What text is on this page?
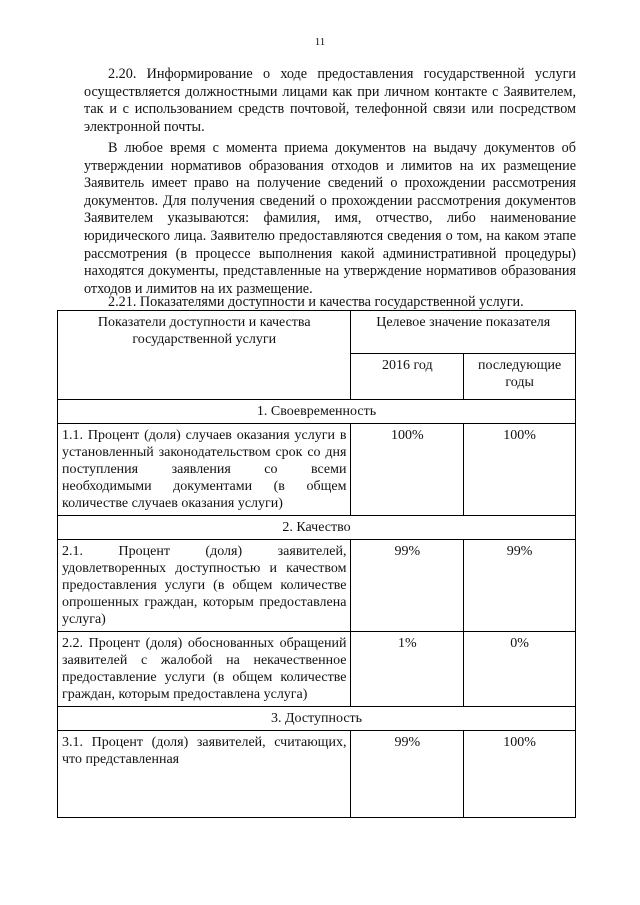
11
2.20. Информирование о ходе предоставления государственной услуги осуществляется должностными лицами как при личном контакте с Заявителем, так и с использованием средств почтовой, телефонной связи или посредством электронной почты.
В любое время с момента приема документов на выдачу документов об утверждении нормативов образования отходов и лимитов на их размещение Заявитель имеет право на получение сведений о прохождении рассмотрения документов. Для получения сведений о прохождении рассмотрения документов Заявителем указываются: фамилия, имя, отчество, либо наименование юридического лица. Заявителю предоставляются сведения о том, на каком этапе рассмотрения (в процессе выполнения какой административной процедуры) находятся документы, представленные на утверждение нормативов образования отходов и лимитов на их размещение.
2.21. Показателями доступности и качества государственной услуги.
Показатели доступности и качества государственной услуги	Целевое значение показателя	
	2016 год	последующие годы
1. Своевременность		
1.1. Процент (доля) случаев оказания услуги в установленный законодательством срок со дня поступления заявления со всеми необходимыми документами (в общем количестве случаев оказания услуги)	100%	100%
2. Качество		
2.1. Процент (доля) заявителей, удовлетворенных доступностью и качеством предоставления услуги (в общем количестве опрошенных граждан, которым предоставлена услуга)	99%	99%
2.2. Процент (доля) обоснованных обращений заявителей с жалобой на некачественное предоставление услуги (в общем количестве граждан, которым предоставлена услуга)	1%	0%
3. Доступность		
3.1. Процент (доля) заявителей, считающих, что представленная	99%	100%
